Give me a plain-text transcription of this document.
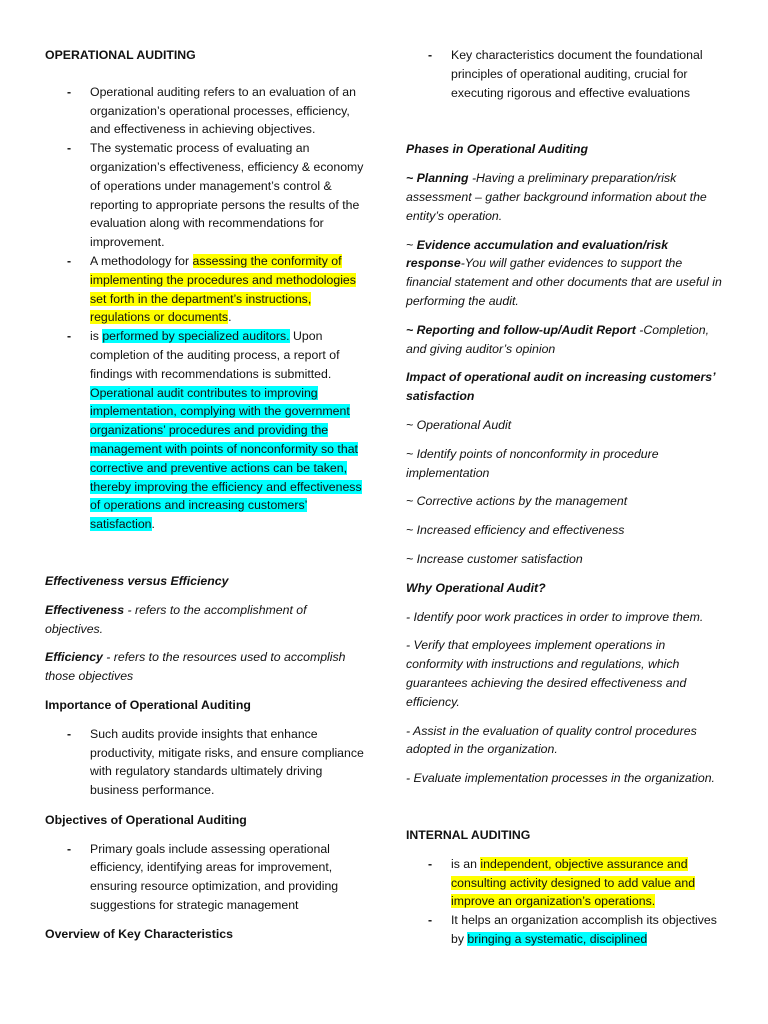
OPERATIONAL AUDITING

- Operational auditing refers to an evaluation of an organization’s operational processes, efficiency, and effectiveness in achieving objectives.
- The systematic process of evaluating an organization’s effectiveness, efficiency & economy of operations under management’s control & reporting to appropriate persons the results of the evaluation along with recommendations for improvement.
- A methodology for assessing the conformity of implementing the procedures and methodologies set forth in the department’s instructions, regulations or documents.
- is performed by specialized auditors. Upon completion of the auditing process, a report of findings with recommendations is submitted. Operational audit contributes to improving implementation, complying with the government organizations’ procedures and providing the management with points of nonconformity so that corrective and preventive actions can be taken, thereby improving the efficiency and effectiveness of operations and increasing customers’ satisfaction.

Effectiveness versus Efficiency

Effectiveness - refers to the accomplishment of objectives.

Efficiency - refers to the resources used to accomplish those objectives

Importance of Operational Auditing

- Such audits provide insights that enhance productivity, mitigate risks, and ensure compliance with regulatory standards ultimately driving business performance.

Objectives of Operational Auditing

- Primary goals include assessing operational efficiency, identifying areas for improvement, ensuring resource optimization, and providing suggestions for strategic management

Overview of Key Characteristics

- Key characteristics document the foundational principles of operational auditing, crucial for executing rigorous and effective evaluations

Phases in Operational Auditing

~ Planning -Having a preliminary preparation/risk assessment – gather background information about the entity’s operation.

~ Evidence accumulation and evaluation/risk response-You will gather evidences to support the financial statement and other documents that are useful in performing the audit.

~ Reporting and follow-up/Audit Report -Completion, and giving auditor’s opinion

Impact of operational audit on increasing customers’ satisfaction

~ Operational Audit

~ Identify points of nonconformity in procedure implementation

~ Corrective actions by the management

~ Increased efficiency and effectiveness

~ Increase customer satisfaction

Why Operational Audit?

- Identify poor work practices in order to improve them.

- Verify that employees implement operations in conformity with instructions and regulations, which guarantees achieving the desired effectiveness and efficiency.

- Assist in the evaluation of quality control procedures adopted in the organization.

- Evaluate implementation processes in the organization.

INTERNAL AUDITING

- is an independent, objective assurance and consulting activity designed to add value and improve an organization’s operations.
- It helps an organization accomplish its objectives by bringing a systematic, disciplined
